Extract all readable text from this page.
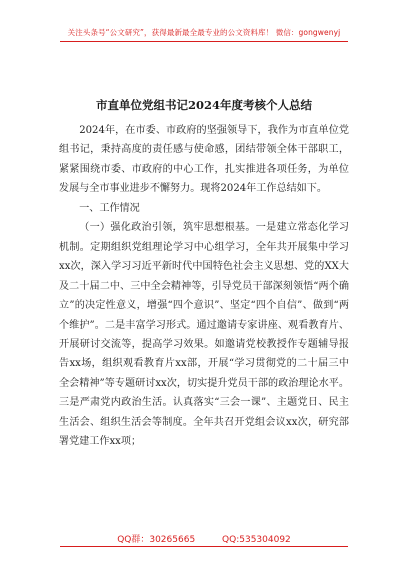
关注头条号“公文研究”，获得最新最全最专业的公文资料库！ 微信：gongwenyj
市直单位党组书记2024年度考核个人总结

2024年，在市委、市政府的坚强领导下，我作为市直单位党组书记，秉持高度的责任感与使命感，团结带领全体干部职工，紧紧围绕市委、市政府的中心工作，扎实推进各项任务，为单位发展与全市事业进步不懈努力。现将2024年工作总结如下。

一、工作情况

（一）强化政治引领，筑牢思想根基。一是建立常态化学习机制。定期组织党组理论学习中心组学习，全年共开展集中学习xx次，深入学习习近平新时代中国特色社会主义思想、党的XX大及二十届二中、三中全会精神等，引导党员干部深刻领悟“两个确立”的决定性意义，增强“四个意识”、坚定“四个自信”、做到“两个维护”。二是丰富学习形式。通过邀请专家讲座、观看教育片、开展研讨交流等，提高学习效果。如邀请党校教授作专题辅导报告xx场，组织观看教育片xx部，开展“学习贯彻党的二十届三中全会精神”等专题研讨xx次，切实提升党员干部的政治理论水平。三是严肃党内政治生活。认真落实“三会一课”、主题党日、民主生活会、组织生活会等制度。全年共召开党组会议xx次，研究部署党建工作xx项；

QQ群：30265665	QQ:535304092
